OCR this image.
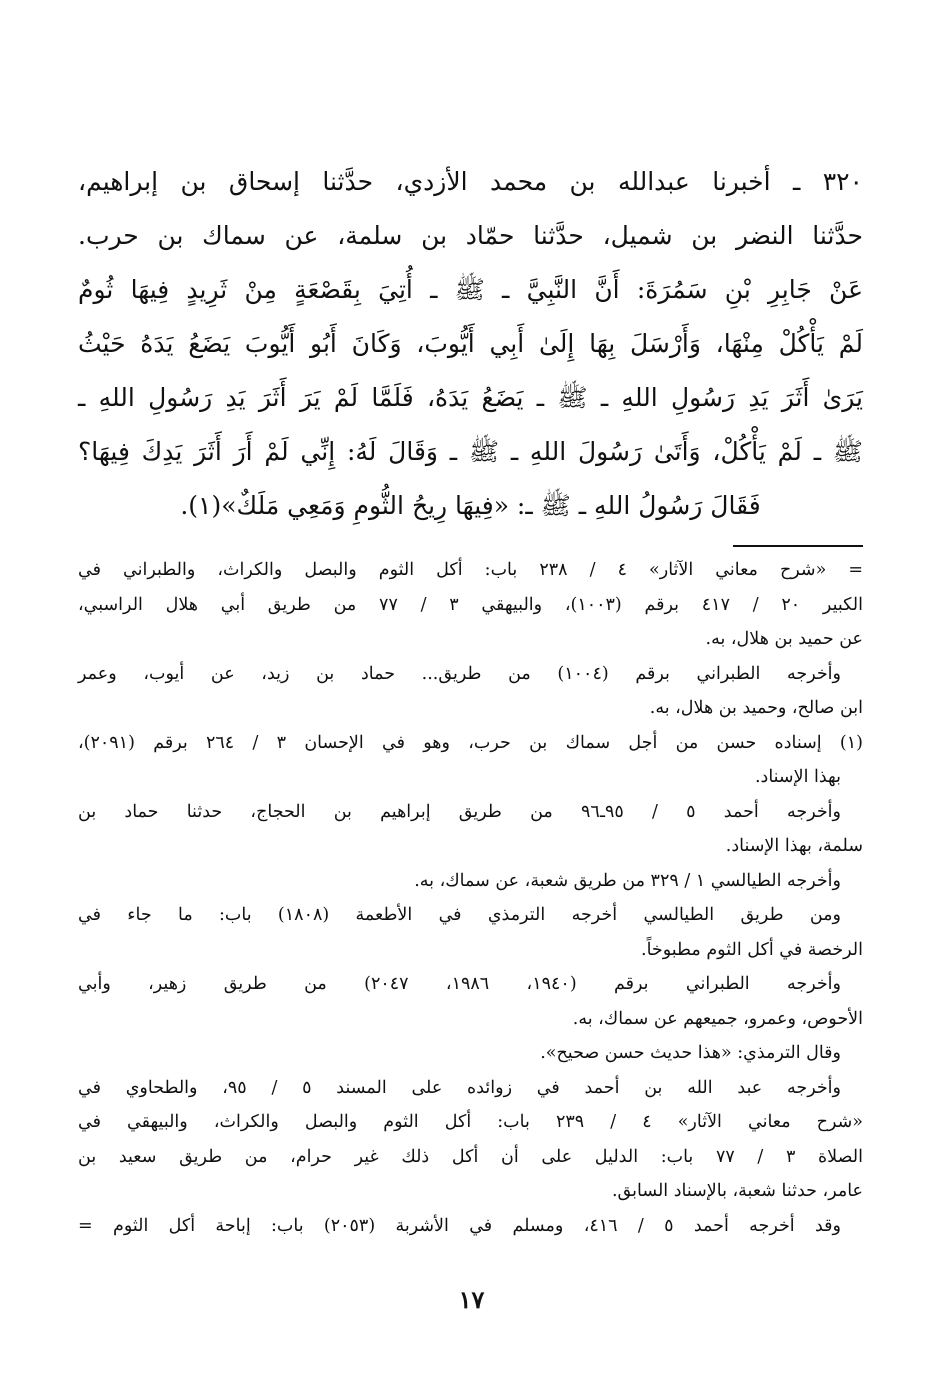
٣٢٠ ـ أخبرنا عبدالله بن محمد الأزدي، حدَّثنا إسحاق بن إبراهيم،

حدَّثنا النضر بن شميل، حدَّثنا حمّاد بن سلمة، عن سماك بن حرب.

عَنْ جَابِرِ بْنِ سَمُرَةَ: أَنَّ النَّبِيَّ ـ ﷺ ـ أُتِيَ بِقَصْعَةٍ مِنْ ثَرِيدٍ فِيهَا ثُومٌ

لَمْ يَأْكُلْ مِنْهَا، وَأَرْسَلَ بِهَا إِلَىٰ أَبِي أَيُّوبَ، وَكَانَ أَبُو أَيُّوبَ يَضَعُ يَدَهُ حَيْثُ

يَرَىٰ أَثَرَ يَدِ رَسُولِ اللهِ ـ ﷺ ـ يَضَعُ يَدَهُ، فَلَمَّا لَمْ يَرَ أَثَرَ يَدِ رَسُولِ اللهِ ـ

ﷺ ـ لَمْ يَأْكُلْ، وَأَتَىٰ رَسُولَ اللهِ ـ ﷺ ـ وَقَالَ لَهُ: إِنِّي لَمْ أَرَ أَثَرَ يَدِكَ فِيهَا؟

فَقَالَ رَسُولُ اللهِ ـ ﷺ ـ: «فِيهَا رِيحُ الثُّومِ وَمَعِي مَلَكٌ»(١).

= «شرح معاني الآثار» ٤ / ٢٣٨ باب: أكل الثوم والبصل والكراث، والطبراني في

الكبير ٢٠ / ٤١٧ برقم (١٠٠٣)، والبيهقي ٣ / ٧٧ من طريق أبي هلال الراسبي،

عن حميد بن هلال، به.

وأخرجه الطبراني برقم (١٠٠٤) من طريق... حماد بن زيد، عن أيوب، وعمر

ابن صالح، وحميد بن هلال، به.

(١) إسناده حسن من أجل سماك بن حرب، وهو في الإحسان ٣ / ٢٦٤ برقم (٢٠٩١)،

بهذا الإسناد.

وأخرجه أحمد ٥ / ٩٥ـ٩٦ من طريق إبراهيم بن الحجاج، حدثنا حماد بن

سلمة، بهذا الإسناد.

وأخرجه الطيالسي ١ / ٣٢٩ من طريق شعبة، عن سماك، به.

ومن طريق الطيالسي أخرجه الترمذي في الأطعمة (١٨٠٨) باب: ما جاء في

الرخصة في أكل الثوم مطبوخاً.

وأخرجه الطبراني برقم (١٩٤٠، ١٩٨٦، ٢٠٤٧) من طريق زهير، وأبي

الأحوص، وعمرو، جميعهم عن سماك، به.

وقال الترمذي: «هذا حديث حسن صحيح».

وأخرجه عبد الله بن أحمد في زوائده على المسند ٥ / ٩٥، والطحاوي في

«شرح معاني الآثار» ٤ / ٢٣٩ باب: أكل الثوم والبصل والكراث، والبيهقي في

الصلاة ٣ / ٧٧ باب: الدليل على أن أكل ذلك غير حرام، من طريق سعيد بن

عامر، حدثنا شعبة، بالإسناد السابق.

وقد أخرجه أحمد ٥ / ٤١٦، ومسلم في الأشربة (٢٠٥٣) باب: إباحة أكل الثوم =

١٧
